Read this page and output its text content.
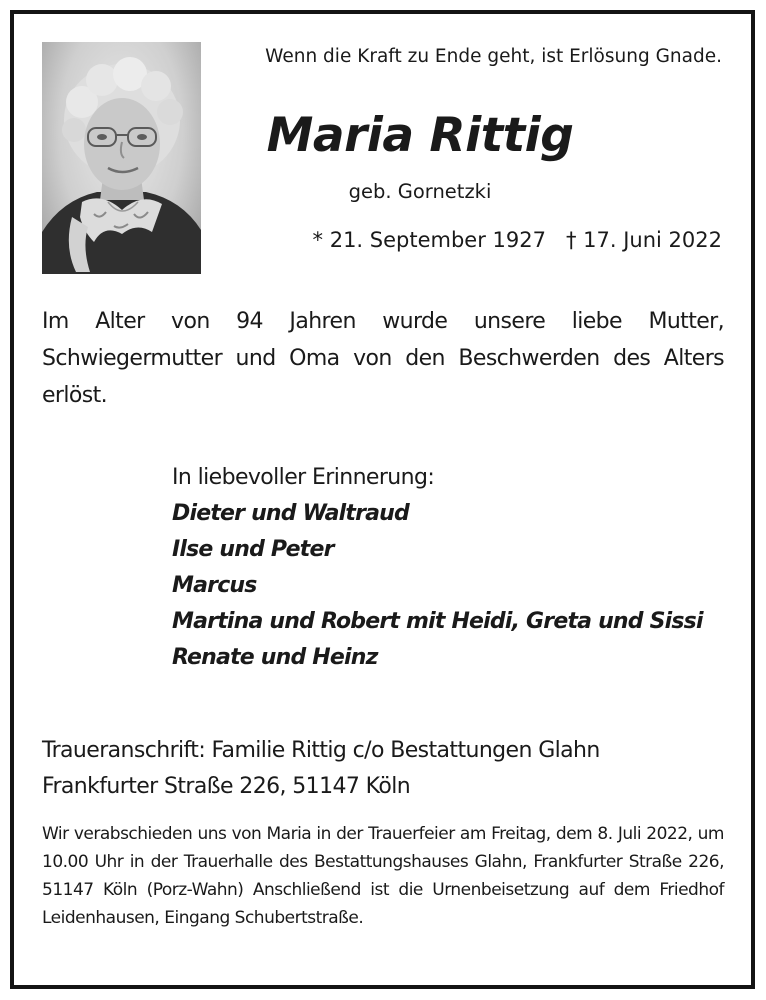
Wenn die Kraft zu Ende geht, ist Erlösung Gnade.
Maria Rittig
geb. Gornetzki
* 21. September 1927 † 17. Juni 2022
Im Alter von 94 Jahren wurde unsere liebe Mutter, Schwiegermutter und Oma von den Beschwerden des Alters erlöst.
In liebevoller Erinnerung:
Dieter und Waltraud
Ilse und Peter
Marcus
Martina und Robert mit Heidi, Greta und Sissi
Renate und Heinz
Traueranschrift: Familie Rittig c/o Bestattungen Glahn
Frankfurter Straße 226, 51147 Köln
Wir verabschieden uns von Maria in der Trauerfeier am Freitag, dem 8. Juli 2022, um 10.00 Uhr in der Trauerhalle des Bestattungshauses Glahn, Frankfurter Straße 226, 51147 Köln (Porz-Wahn) Anschließend ist die Urnenbeisetzung auf dem Friedhof Leidenhausen, Eingang Schubertstraße.
